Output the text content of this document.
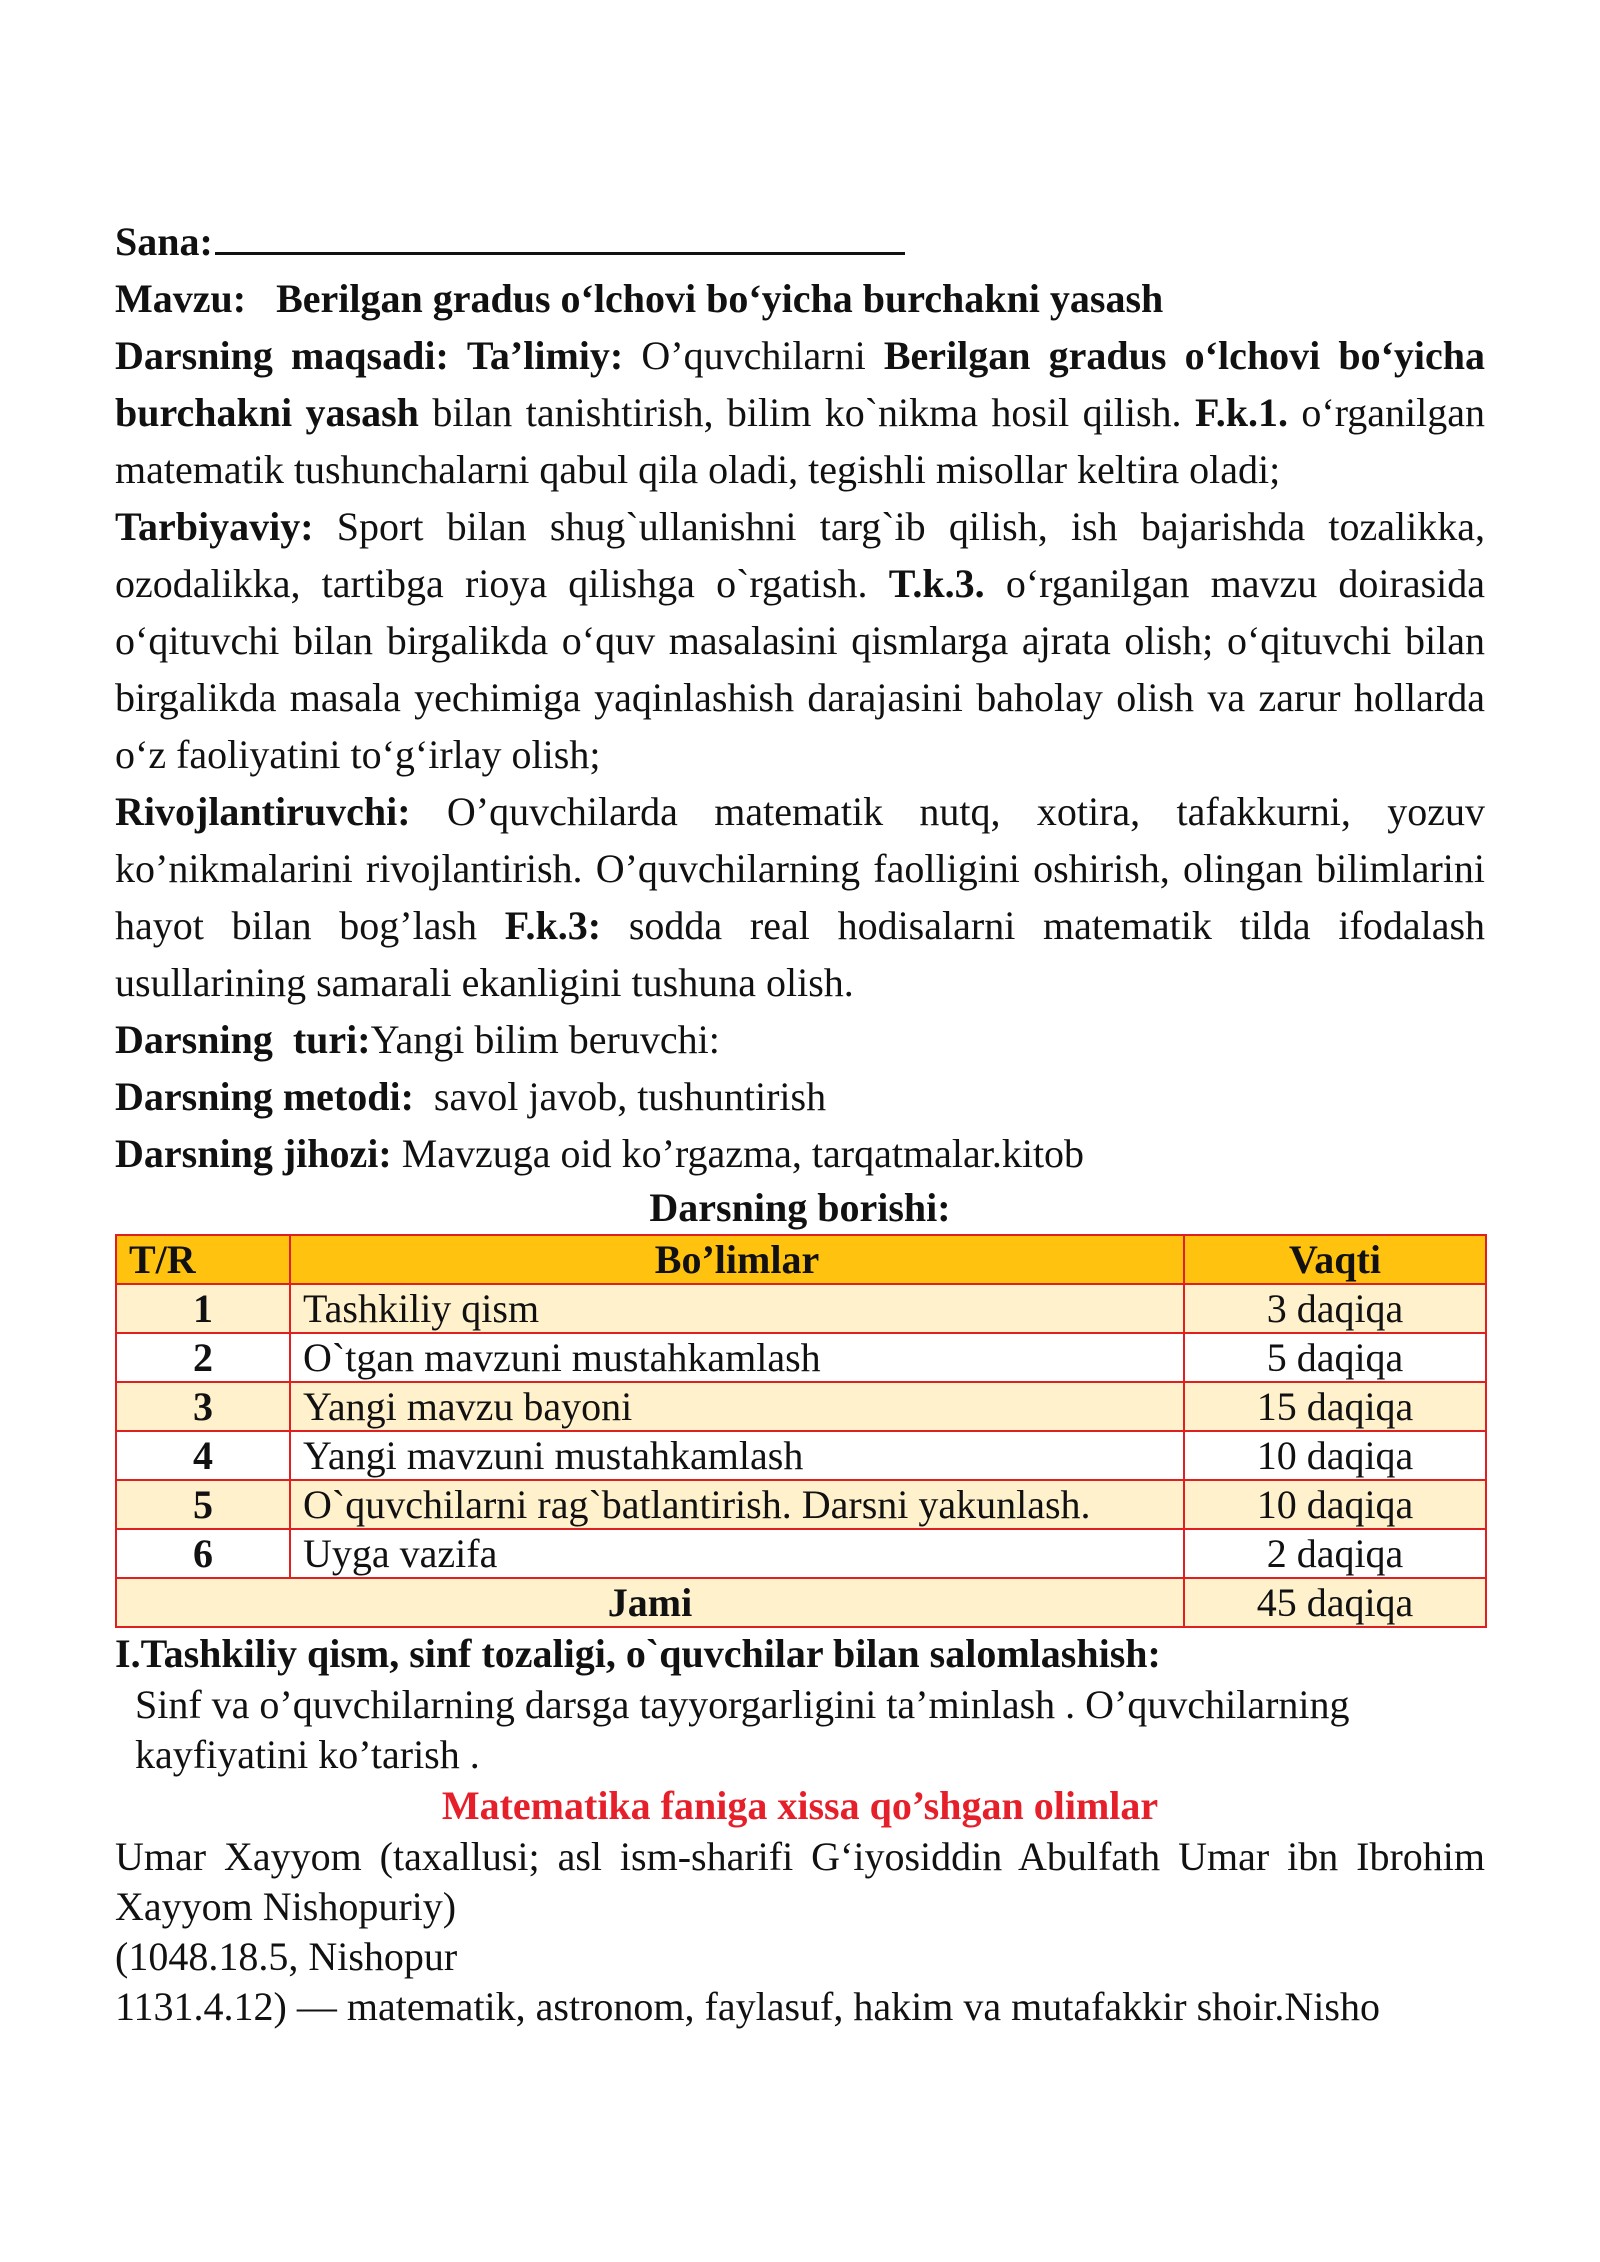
Sana:

Mavzu: Berilgan gradus o‘lchovi bo‘yicha burchakni yasash

Darsning maqsadi: Ta’limiy: O’quvchilarni Berilgan gradus o‘lchovi bo‘yicha burchakni yasash bilan tanishtirish, bilim ko`nikma hosil qilish. F.k.1. o‘rganilgan matematik tushunchalarni qabul qila oladi, tegishli misollar keltira oladi;

Tarbiyaviy: Sport bilan shug`ullanishni targ`ib qilish, ish bajarishda tozalikka, ozodalikka, tartibga rioya qilishga o`rgatish. T.k.3. o‘rganilgan mavzu doirasida o‘qituvchi bilan birgalikda o‘quv masalasini qismlarga ajrata olish; o‘qituvchi bilan birgalikda masala yechimiga yaqinlashish darajasini baholay olish va zarur hollarda o‘z faoliyatini to‘g‘irlay olish;

Rivojlantiruvchi: O’quvchilarda matematik nutq, xotira, tafakkurni, yozuv ko’nikmalarini rivojlantirish. O’quvchilarning faolligini oshirish, olingan bilimlarini hayot bilan bog’lash F.k.3: sodda real hodisalarni matematik tilda ifodalash usullarining samarali ekanligini tushuna olish.

Darsning  turi:Yangi bilim beruvchi:

Darsning metodi:  savol javob, tushuntirish

Darsning jihozi: Mavzuga oid ko’rgazma, tarqatmalar.kitob

Darsning borishi:

T/R	Bo’limlar	Vaqti
1	Tashkiliy qism	3 daqiqa
2	O`tgan mavzuni mustahkamlash	5 daqiqa
3	Yangi mavzu bayoni	15 daqiqa
4	Yangi mavzuni mustahkamlash	10 daqiqa
5	O`quvchilarni rag`batlantirish. Darsni yakunlash.	10 daqiqa
6	Uyga vazifa	2 daqiqa
Jami		45 daqiqa

I.Tashkiliy qism, sinf tozaligi, o`quvchilar bilan salomlashish:

Sinf va o’quvchilarning darsga tayyorgarligini ta’minlash . O’quvchilarning kayfiyatini ko’tarish .

Matematika faniga xissa qo’shgan olimlar

Umar Xayyom (taxallusi; asl ism-sharifi G‘iyosiddin Abulfath Umar ibn Ibrohim Xayyom Nishopuriy)

(1048.18.5, Nishopur

1131.4.12) — matematik, astronom, faylasuf, hakim va mutafakkir shoir.Nisho
